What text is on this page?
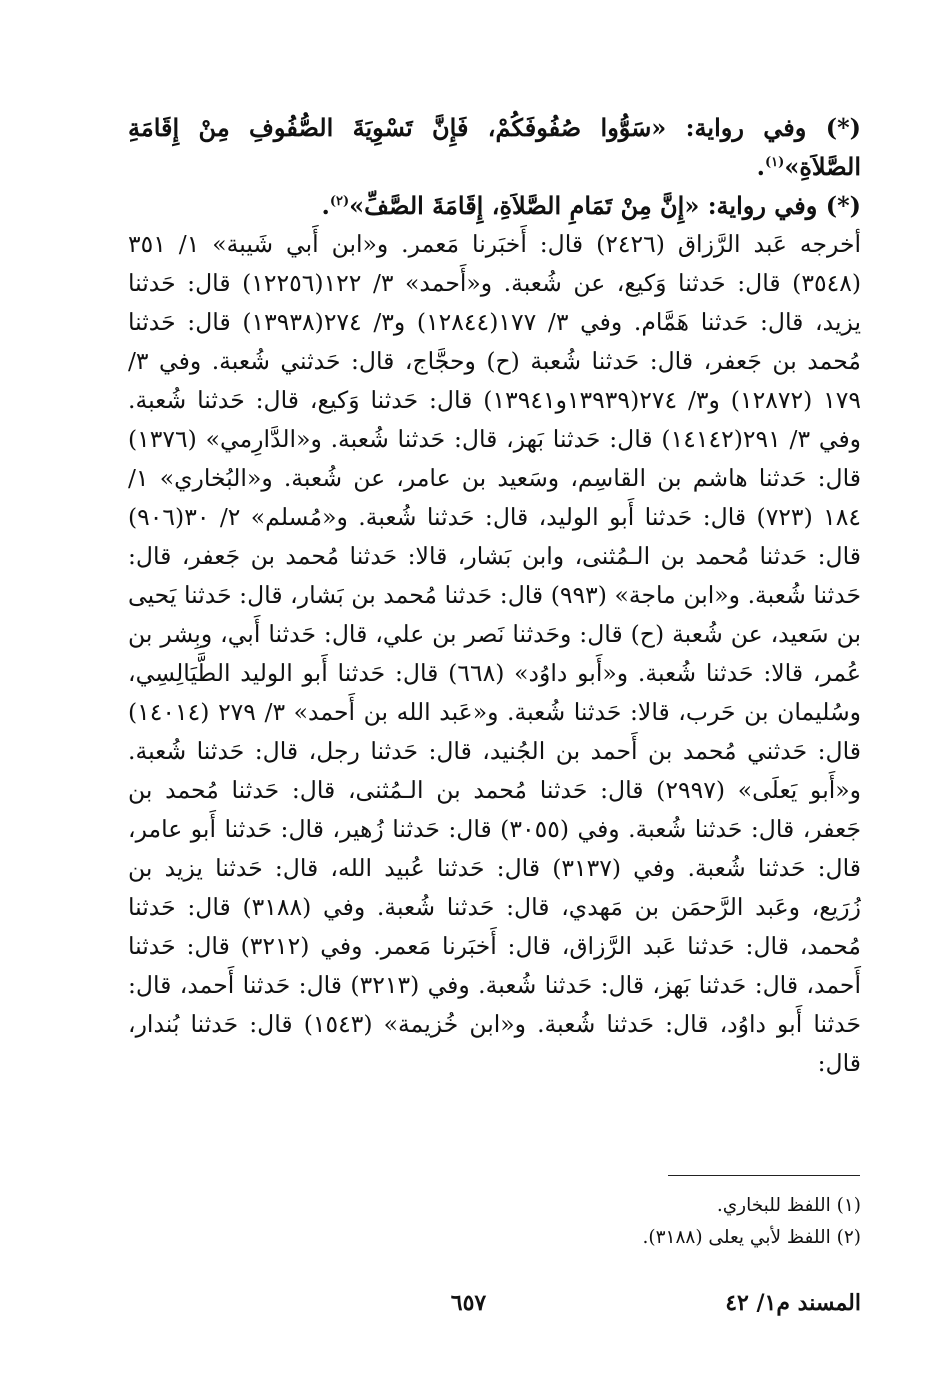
(*) وفي رواية: «سَوُّوا صُفُوفَكُمْ، فَإِنَّ تَسْوِيَةَ الصُّفُوفِ مِنْ إِقَامَةِ الصَّلاَةِ»$^{(١)}$.

(*) وفي رواية: «إِنَّ مِنْ تَمَامِ الصَّلاَةِ، إِقَامَةَ الصَّفِّ»$^{(٢)}$.

أخرجه عَبد الرَّزاق (٢٤٢٦) قال: أَخبَرنا مَعمر. و«ابن أَبي شَيبة» ١/ ٣٥١ (٣٥٤٨) قال: حَدثنا وَكيع، عن شُعبة. و«أَحمد» ٣/ ١٢٢(١٢٢٥٦) قال: حَدثنا يزيد، قال: حَدثنا هَمَّام. وفي ٣/ ١٧٧(١٢٨٤٤) و٣/ ٢٧٤(١٣٩٣٨) قال: حَدثنا مُحمد بن جَعفر، قال: حَدثنا شُعبة (ح) وحجَّاج، قال: حَدثني شُعبة. وفي ٣/ ١٧٩ (١٢٨٧٢) و٣/ ٢٧٤(١٣٩٣٩و١٣٩٤١) قال: حَدثنا وَكيع، قال: حَدثنا شُعبة. وفي ٣/ ٢٩١(١٤١٤٢) قال: حَدثنا بَهز، قال: حَدثنا شُعبة. و«الدَّارِمي» (١٣٧٦) قال: حَدثنا هاشم بن القاسِم، وسَعيد بن عامر، عن شُعبة. و«البُخاري» ١/ ١٨٤ (٧٢٣) قال: حَدثنا أَبو الوليد، قال: حَدثنا شُعبة. و«مُسلم» ٢/ ٣٠(٩٠٦) قال: حَدثنا مُحمد بن الـمُثنى، وابن بَشار، قالا: حَدثنا مُحمد بن جَعفر، قال: حَدثنا شُعبة. و«ابن ماجة» (٩٩٣) قال: حَدثنا مُحمد بن بَشار، قال: حَدثنا يَحيى بن سَعيد، عن شُعبة (ح) قال: وحَدثنا نَصر بن علي، قال: حَدثنا أَبي، وبِشر بن عُمر، قالا: حَدثنا شُعبة. و«أَبو داوُد» (٦٦٨) قال: حَدثنا أَبو الوليد الطَّيَالِسِي، وسُليمان بن حَرب، قالا: حَدثنا شُعبة. و«عَبد الله بن أَحمد» ٣/ ٢٧٩ (١٤٠١٤) قال: حَدثني مُحمد بن أَحمد بن الجُنيد، قال: حَدثنا رجل، قال: حَدثنا شُعبة. و«أَبو يَعلَى» (٢٩٩٧) قال: حَدثنا مُحمد بن الـمُثنى، قال: حَدثنا مُحمد بن جَعفر، قال: حَدثنا شُعبة. وفي (٣٠٥٥) قال: حَدثنا زُهير، قال: حَدثنا أَبو عامر، قال: حَدثنا شُعبة. وفي (٣١٣٧) قال: حَدثنا عُبيد الله، قال: حَدثنا يزيد بن زُرَيع، وعَبد الرَّحمَن بن مَهدي، قال: حَدثنا شُعبة. وفي (٣١٨٨) قال: حَدثنا مُحمد، قال: حَدثنا عَبد الرَّزاق، قال: أَخبَرنا مَعمر. وفي (٣٢١٢) قال: حَدثنا أَحمد، قال: حَدثنا بَهز، قال: حَدثنا شُعبة. وفي (٣٢١٣) قال: حَدثنا أَحمد، قال: حَدثنا أَبو داوُد، قال: حَدثنا شُعبة. و«ابن خُزيمة» (١٥٤٣) قال: حَدثنا بُندار، قال:

(١) اللفظ للبخاري.
(٢) اللفظ لأبي يعلى (٣١٨٨).
المسند م١/ ٤٢
٦٥٧
